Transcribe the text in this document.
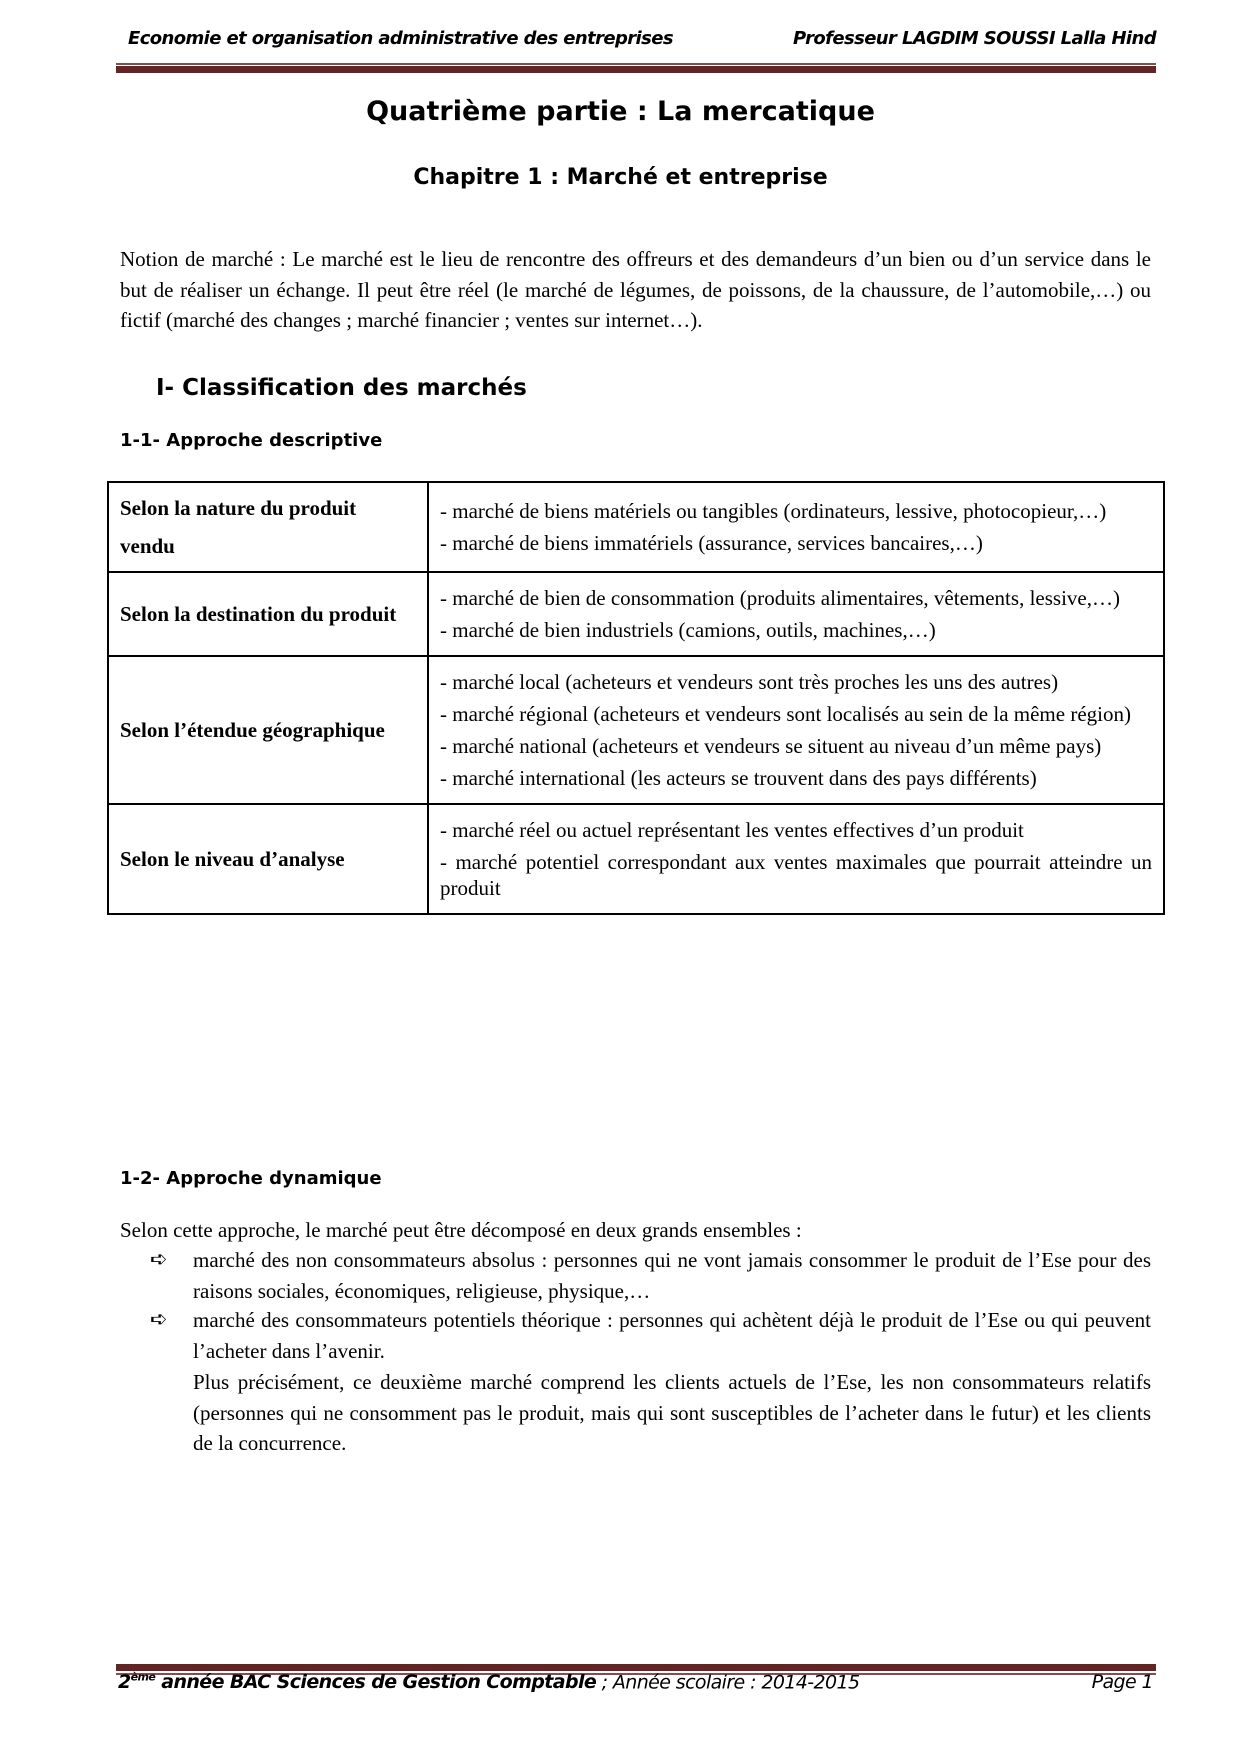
Economie et organisation administrative des entreprises	Professeur LAGDIM SOUSSI Lalla Hind
Quatrième partie : La mercatique
Chapitre 1 : Marché et entreprise
Notion de marché : Le marché est le lieu de rencontre des offreurs et des demandeurs d’un bien ou d’un service dans le but de réaliser un échange. Il peut être réel (le marché de légumes, de poissons, de la chaussure, de l’automobile,…) ou fictif (marché des changes ; marché financier ; ventes sur internet…).
I- Classification des marchés
1-1- Approche descriptive
Selon la nature du produit vendu	- marché de biens matériels ou tangibles (ordinateurs, lessive, photocopieur,…)
- marché de biens immatériels (assurance, services bancaires,…)

Selon la destination du produit	- marché de bien de consommation (produits alimentaires, vêtements, lessive,…)
- marché de bien industriels (camions, outils, machines,…)

Selon l’étendue géographique	- marché local (acheteurs et vendeurs sont très proches les uns des autres)
- marché régional (acheteurs et vendeurs sont localisés au sein de la même région)
- marché national (acheteurs et vendeurs se situent au niveau d’un même pays)
- marché international (les acteurs se trouvent dans des pays différents)

Selon le niveau d’analyse	- marché réel ou actuel représentant les ventes effectives d’un produit
- marché potentiel correspondant aux ventes maximales que pourrait atteindre un produit
1-2- Approche dynamique
Selon cette approche, le marché peut être décomposé en deux grands ensembles :
➪ marché des non consommateurs absolus : personnes qui ne vont jamais consommer le produit de l’Ese pour des raisons sociales, économiques, religieuse, physique,…
➪ marché des consommateurs potentiels théorique : personnes qui achètent déjà le produit de l’Ese ou qui peuvent l’acheter dans l’avenir.
Plus précisément, ce deuxième marché comprend les clients actuels de l’Ese, les non consommateurs relatifs (personnes qui ne consomment pas le produit, mais qui sont susceptibles de l’acheter dans le futur) et les clients de la concurrence.
2ème année BAC Sciences de Gestion Comptable ; Année scolaire : 2014-2015	Page 1
